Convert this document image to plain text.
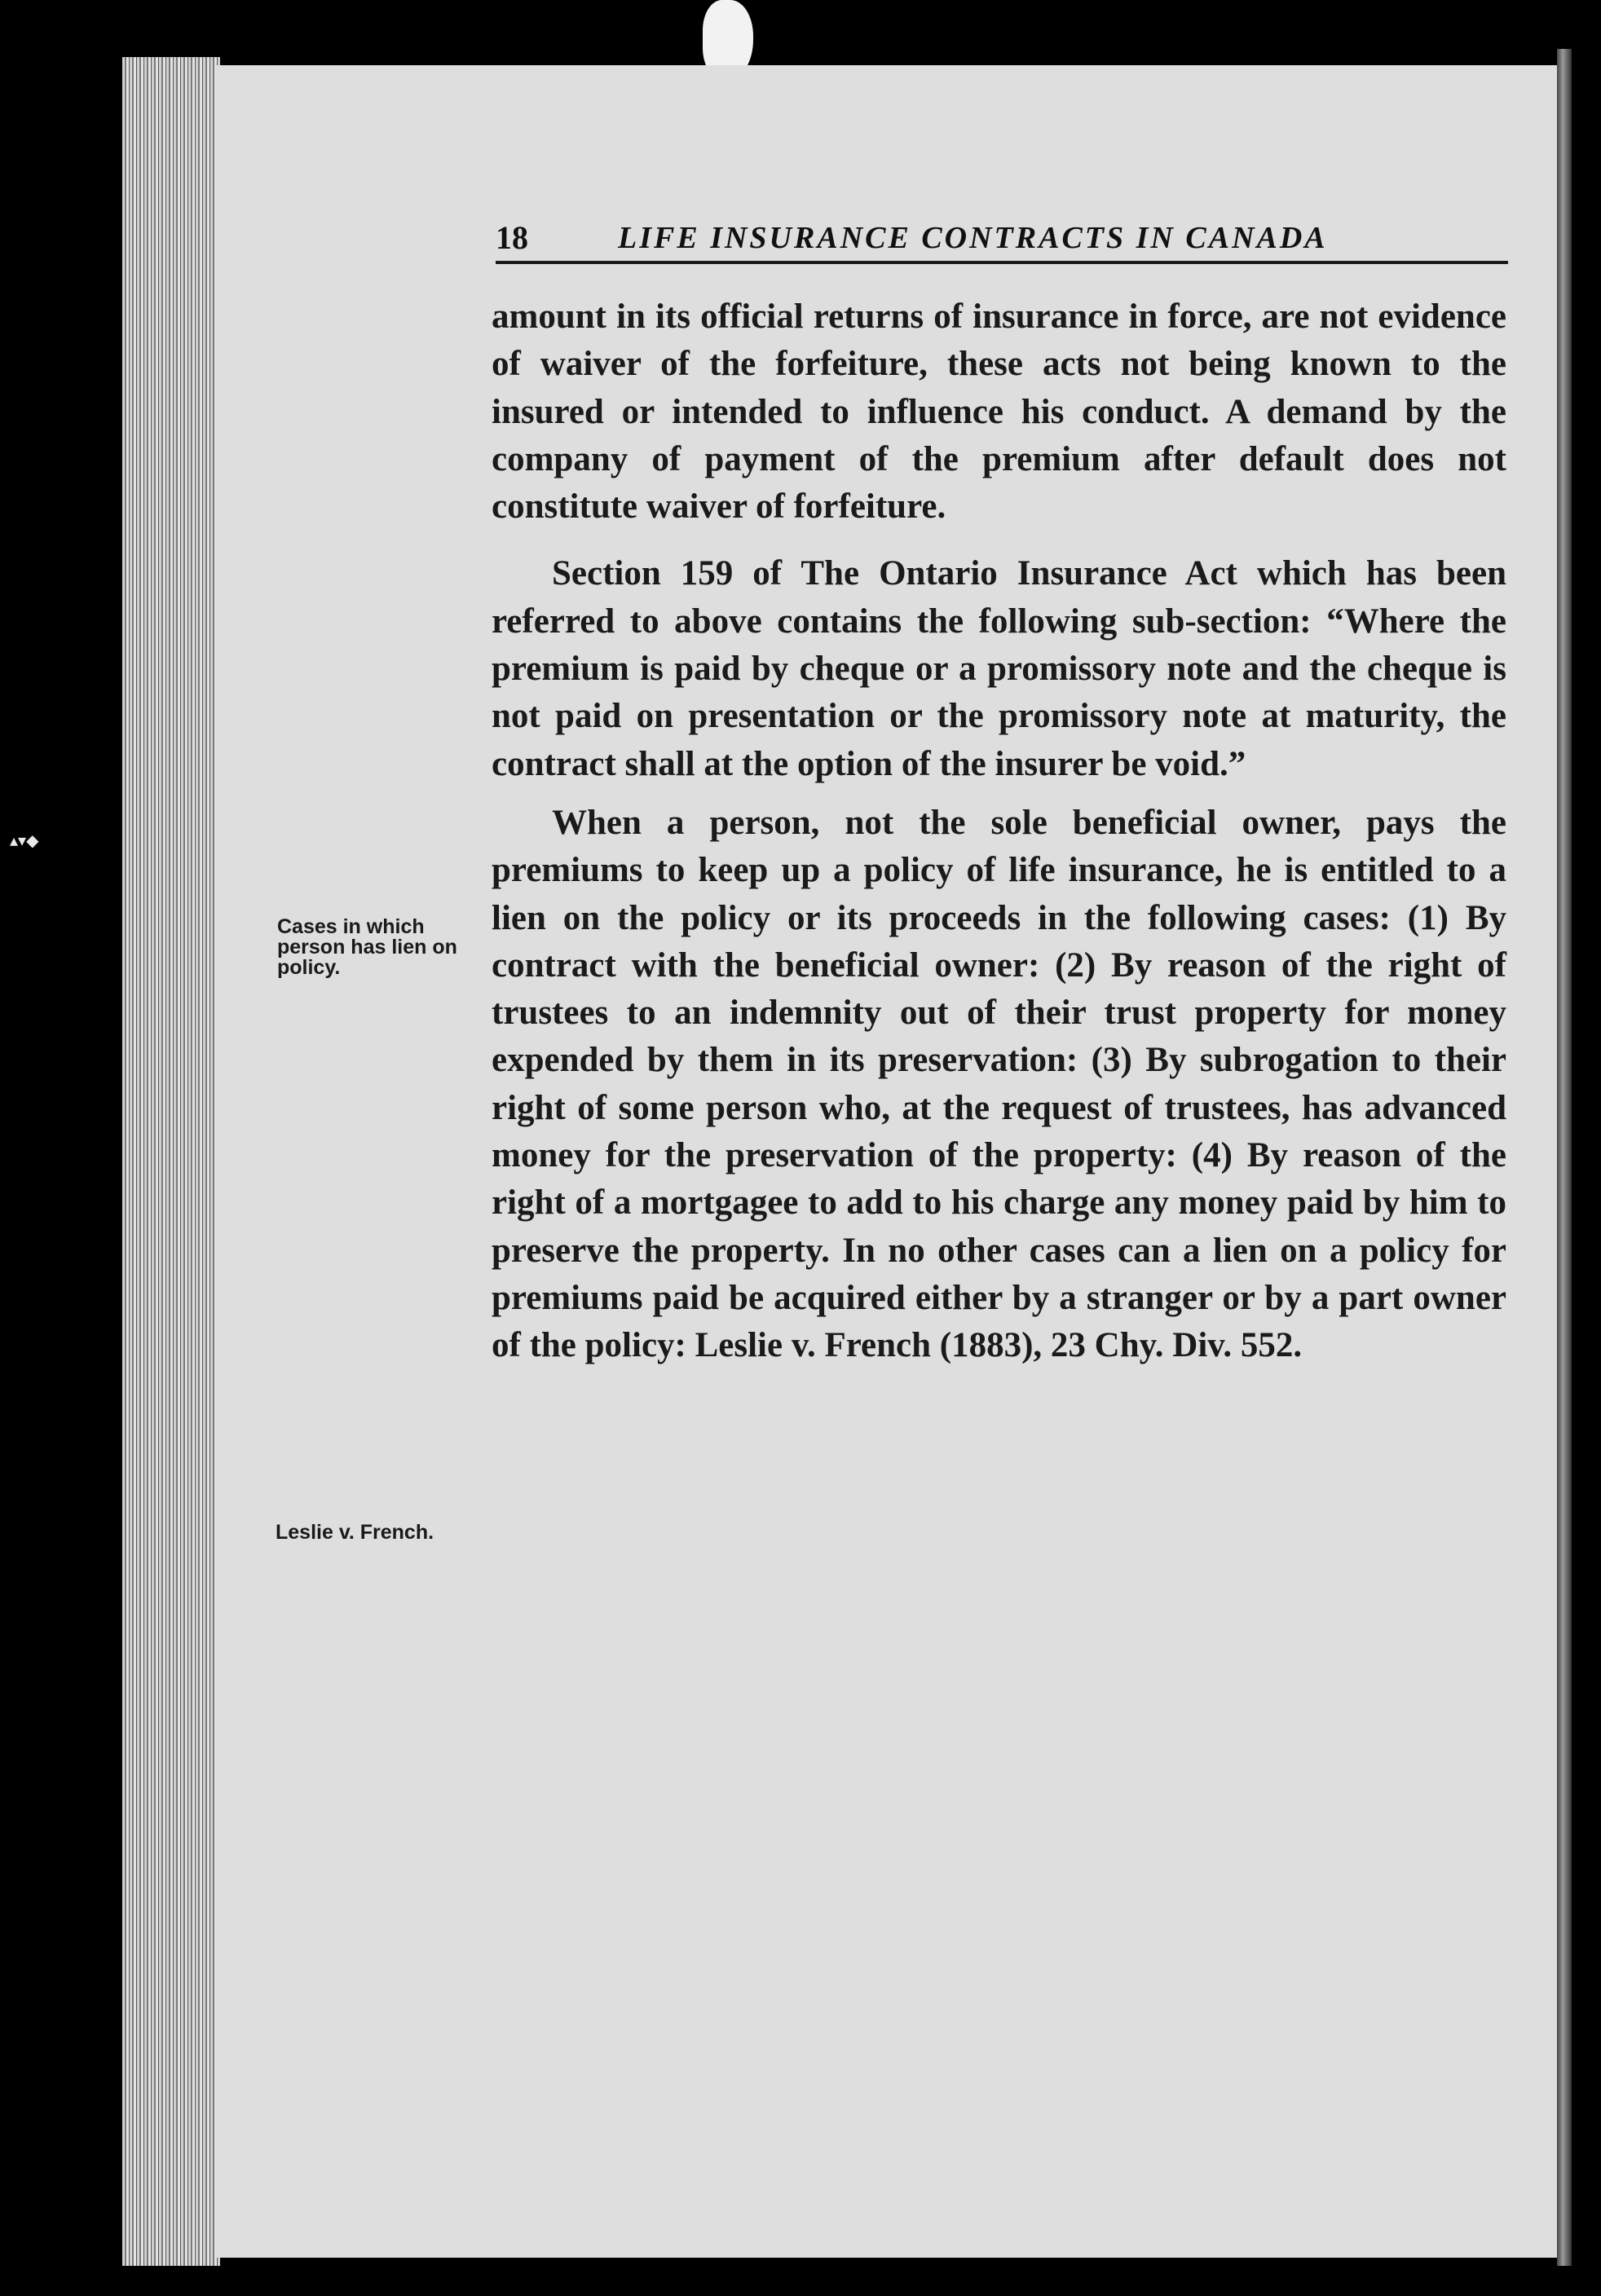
▴▾◆
18	LIFE INSURANCE CONTRACTS IN CANADA

amount in its official returns of insurance in force, are not evidence of waiver of the forfeiture, these acts not being known to the insured or intended to influence his conduct. A demand by the company of payment of the premium after default does not constitute waiver of forfeiture.

Section 159 of The Ontario Insurance Act which has been referred to above contains the following sub-section: “Where the premium is paid by cheque or a promissory note and the cheque is not paid on presentation or the promissory note at maturity, the contract shall at the option of the insurer be void.”

When a person, not the sole beneficial owner, pays the premiums to keep up a policy of life insurance, he is entitled to a lien on the policy or its proceeds in the following cases: (1) By contract with the beneficial owner: (2) By reason of the right of trustees to an indemnity out of their trust property for money expended by them in its preservation: (3) By subrogation to their right of some person who, at the request of trustees, has advanced money for the preservation of the property: (4) By reason of the right of a mortgagee to add to his charge any money paid by him to preserve the property. In no other cases can a lien on a policy for premiums paid be acquired either by a stranger or by a part owner of the policy: Leslie v. French (1883), 23 Chy. Div. 552.

Cases in which person has lien on policy.
Leslie v. French.
